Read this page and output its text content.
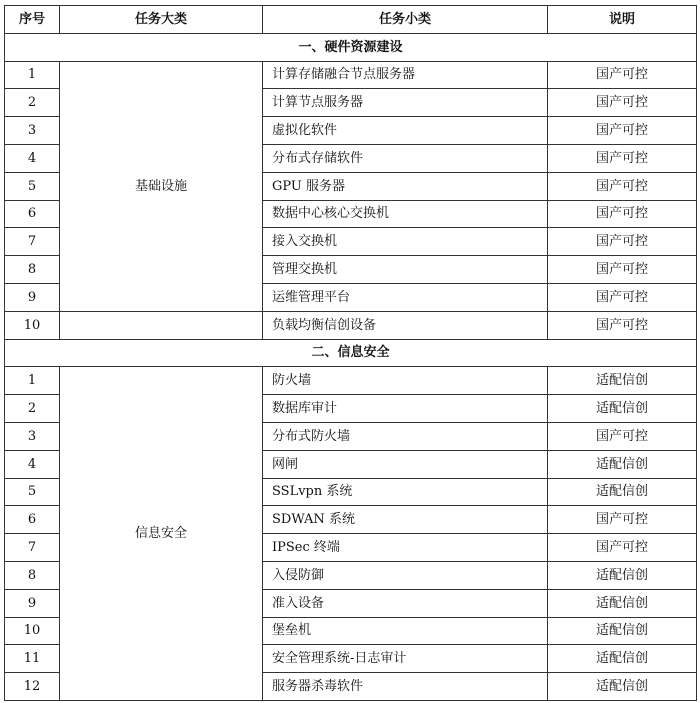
序号	任务大类	任务小类	说明
一、硬件资源建设			
1	基础设施	计算存储融合节点服务器	国产可控
2		计算节点服务器	国产可控
3		虚拟化软件	国产可控
4		分布式存储软件	国产可控
5		GPU 服务器	国产可控
6		数据中心核心交换机	国产可控
7		接入交换机	国产可控
8		管理交换机	国产可控
9		运维管理平台	国产可控
10		负载均衡信创设备	国产可控
二、信息安全			
1	信息安全	防火墙	适配信创
2		数据库审计	适配信创
3		分布式防火墙	国产可控
4		网闸	适配信创
5		SSLvpn 系统	适配信创
6		SDWAN 系统	国产可控
7		IPSec 终端	国产可控
8		入侵防御	适配信创
9		准入设备	适配信创
10		堡垒机	适配信创
11		安全管理系统-日志审计	适配信创
12		服务器杀毒软件	适配信创
